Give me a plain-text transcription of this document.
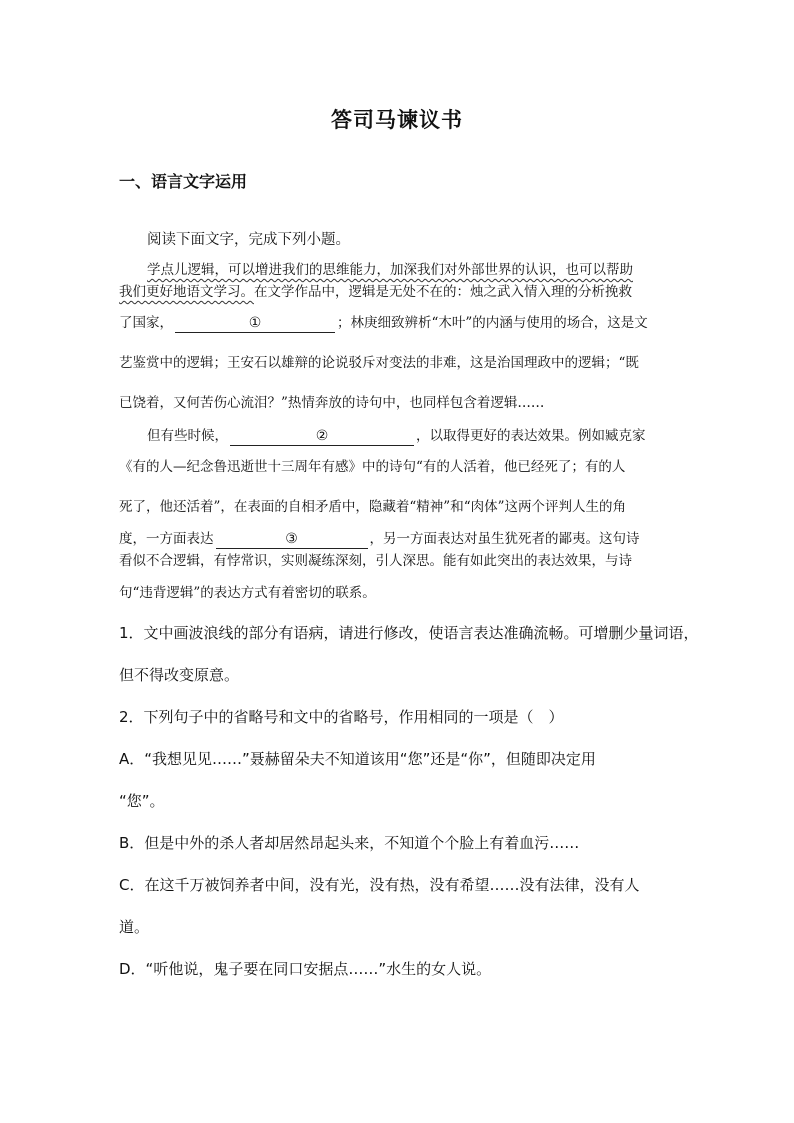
答司马谏议书
一、语言文字运用
阅读下面文字，完成下列小题。
学点儿逻辑，可以增进我们的思维能力，加深我们对外部世界的认识，也可以帮助
我们更好地语文学习。在文学作品中，逻辑是无处不在的：烛之武入情入理的分析挽救
了国家，	①	；林庚细致辨析“木叶”的内涵与使用的场合，这是文
艺鉴赏中的逻辑；王安石以雄辩的论说驳斥对变法的非难，这是治国理政中的逻辑；“既
已饶着，又何苦伤心流泪？”热情奔放的诗句中，也同样包含着逻辑……
但有些时候，	②	，以取得更好的表达效果。例如臧克家
《有的人—纪念鲁迅逝世十三周年有感》中的诗句“有的人活着，他已经死了；有的人
死了，他还活着”，在表面的自相矛盾中，隐藏着“精神”和“肉体”这两个评判人生的角
度，一方面表达	③	，另一方面表达对虽生犹死者的鄙夷。这句诗
看似不合逻辑，有悖常识，实则凝练深刻，引人深思。能有如此突出的表达效果，与诗
句“违背逻辑”的表达方式有着密切的联系。
1．文中画波浪线的部分有语病，请进行修改，使语言表达准确流畅。可增删少量词语，
但不得改变原意。
2．下列句子中的省略号和文中的省略号，作用相同的一项是（　）
A．“我想见见……”聂赫留朵夫不知道该用“您”还是“你”，但随即决定用
“您”。
B．但是中外的杀人者却居然昂起头来，不知道个个脸上有着血污……
C．在这千万被饲养者中间，没有光，没有热，没有希望……没有法律，没有人
道。
D．“听他说，鬼子要在同口安据点……”水生的女人说。
